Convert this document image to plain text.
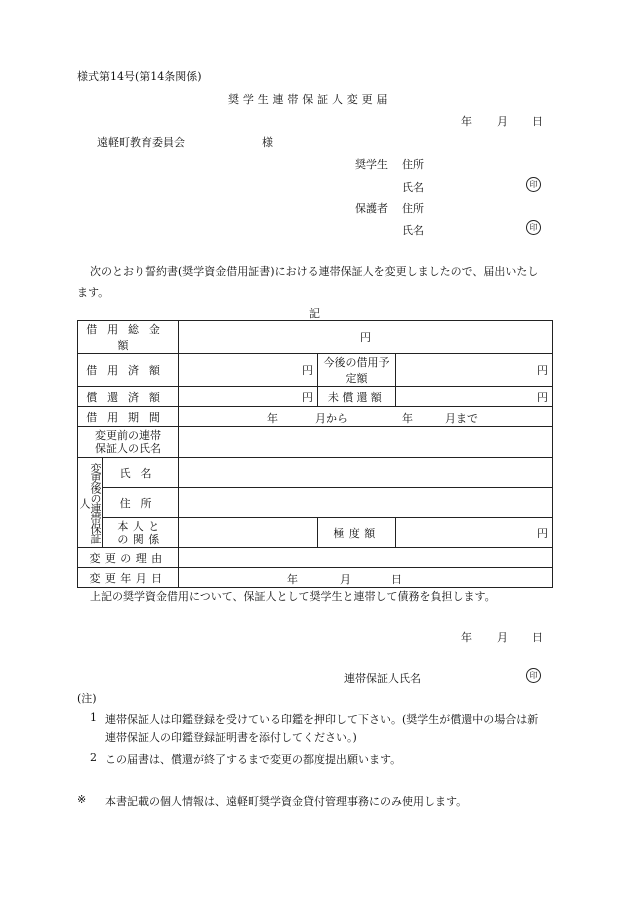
様式第14号(第14条関係)
奨学生連帯保証人変更届
年 月 日
遠軽町教育委員会	様
奨学生 住所
氏名	印
保護者 住所
氏名	印
次のとおり誓約書(奨学資金借用証書)における連帯保証人を変更しましたので、届出いたし
ます。
記
借用総金額		円		
借用済額		円	今後の借用予定額	円
償還済額		円	未償還額	円
借用期間		年 月から 年 月まで		

変更前の連帯
保証人の氏名				

変更後の連帯保証人	氏名			
	住所			

	本人と
の関係		極度額	円
変更の理由				
変更年月日		年 月 日		
上記の奨学資金借用について、保証人として奨学生と連帯して債務を負担します。
年 月 日
連帯保証人氏名	印
(注)
1 連帯保証人は印鑑登録を受けている印鑑を押印して下さい。(奨学生が償還中の場合は新
連帯保証人の印鑑登録証明書を添付してください。)
2 この届書は、償還が終了するまで変更の都度提出願います。
※ 本書記載の個人情報は、遠軽町奨学資金貸付管理事務にのみ使用します。
